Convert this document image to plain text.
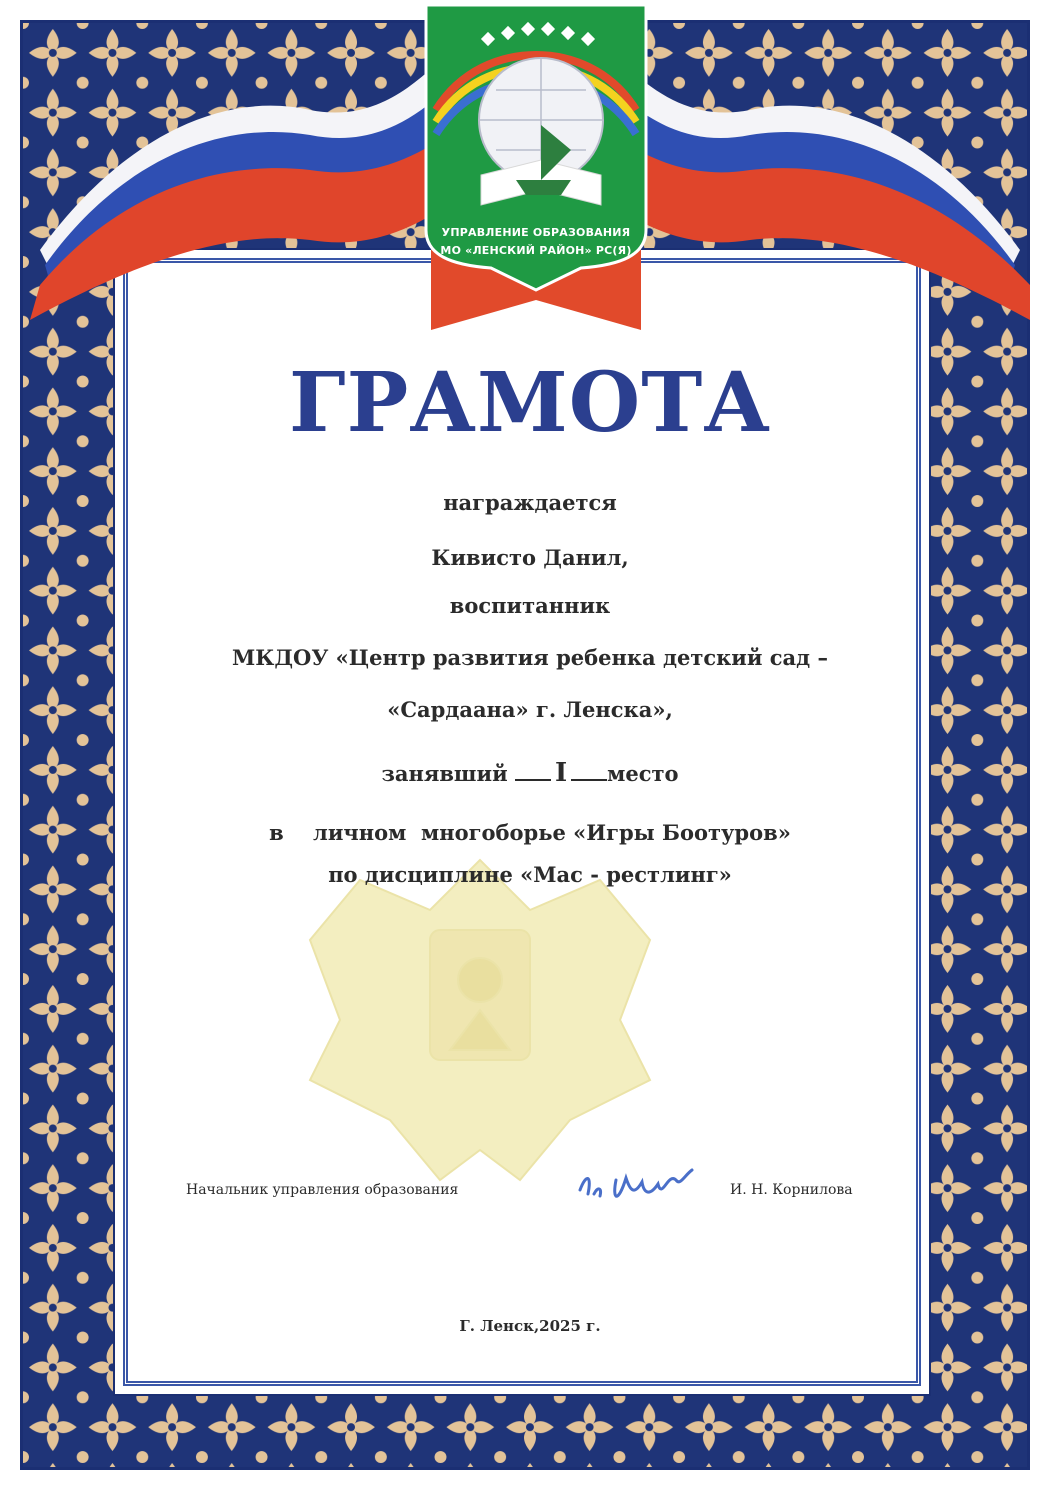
УПРАВЛЕНИЕ ОБРАЗОВАНИЯ
МО «ЛЕНСКИЙ РАЙОН» РС(Я)
ГРАМОТА
награждается
Кивисто Данил,
воспитанник
МКДОУ «Центр развития ребенка детский сад –
«Сардаана» г. Ленска»,
занявший I место
в    личном  многоборье «Игры Боотуров»
по дисциплине «Мас - рестлинг»
Начальник управления образования	И. Н. Корнилова
Г. Ленск,2025 г.
